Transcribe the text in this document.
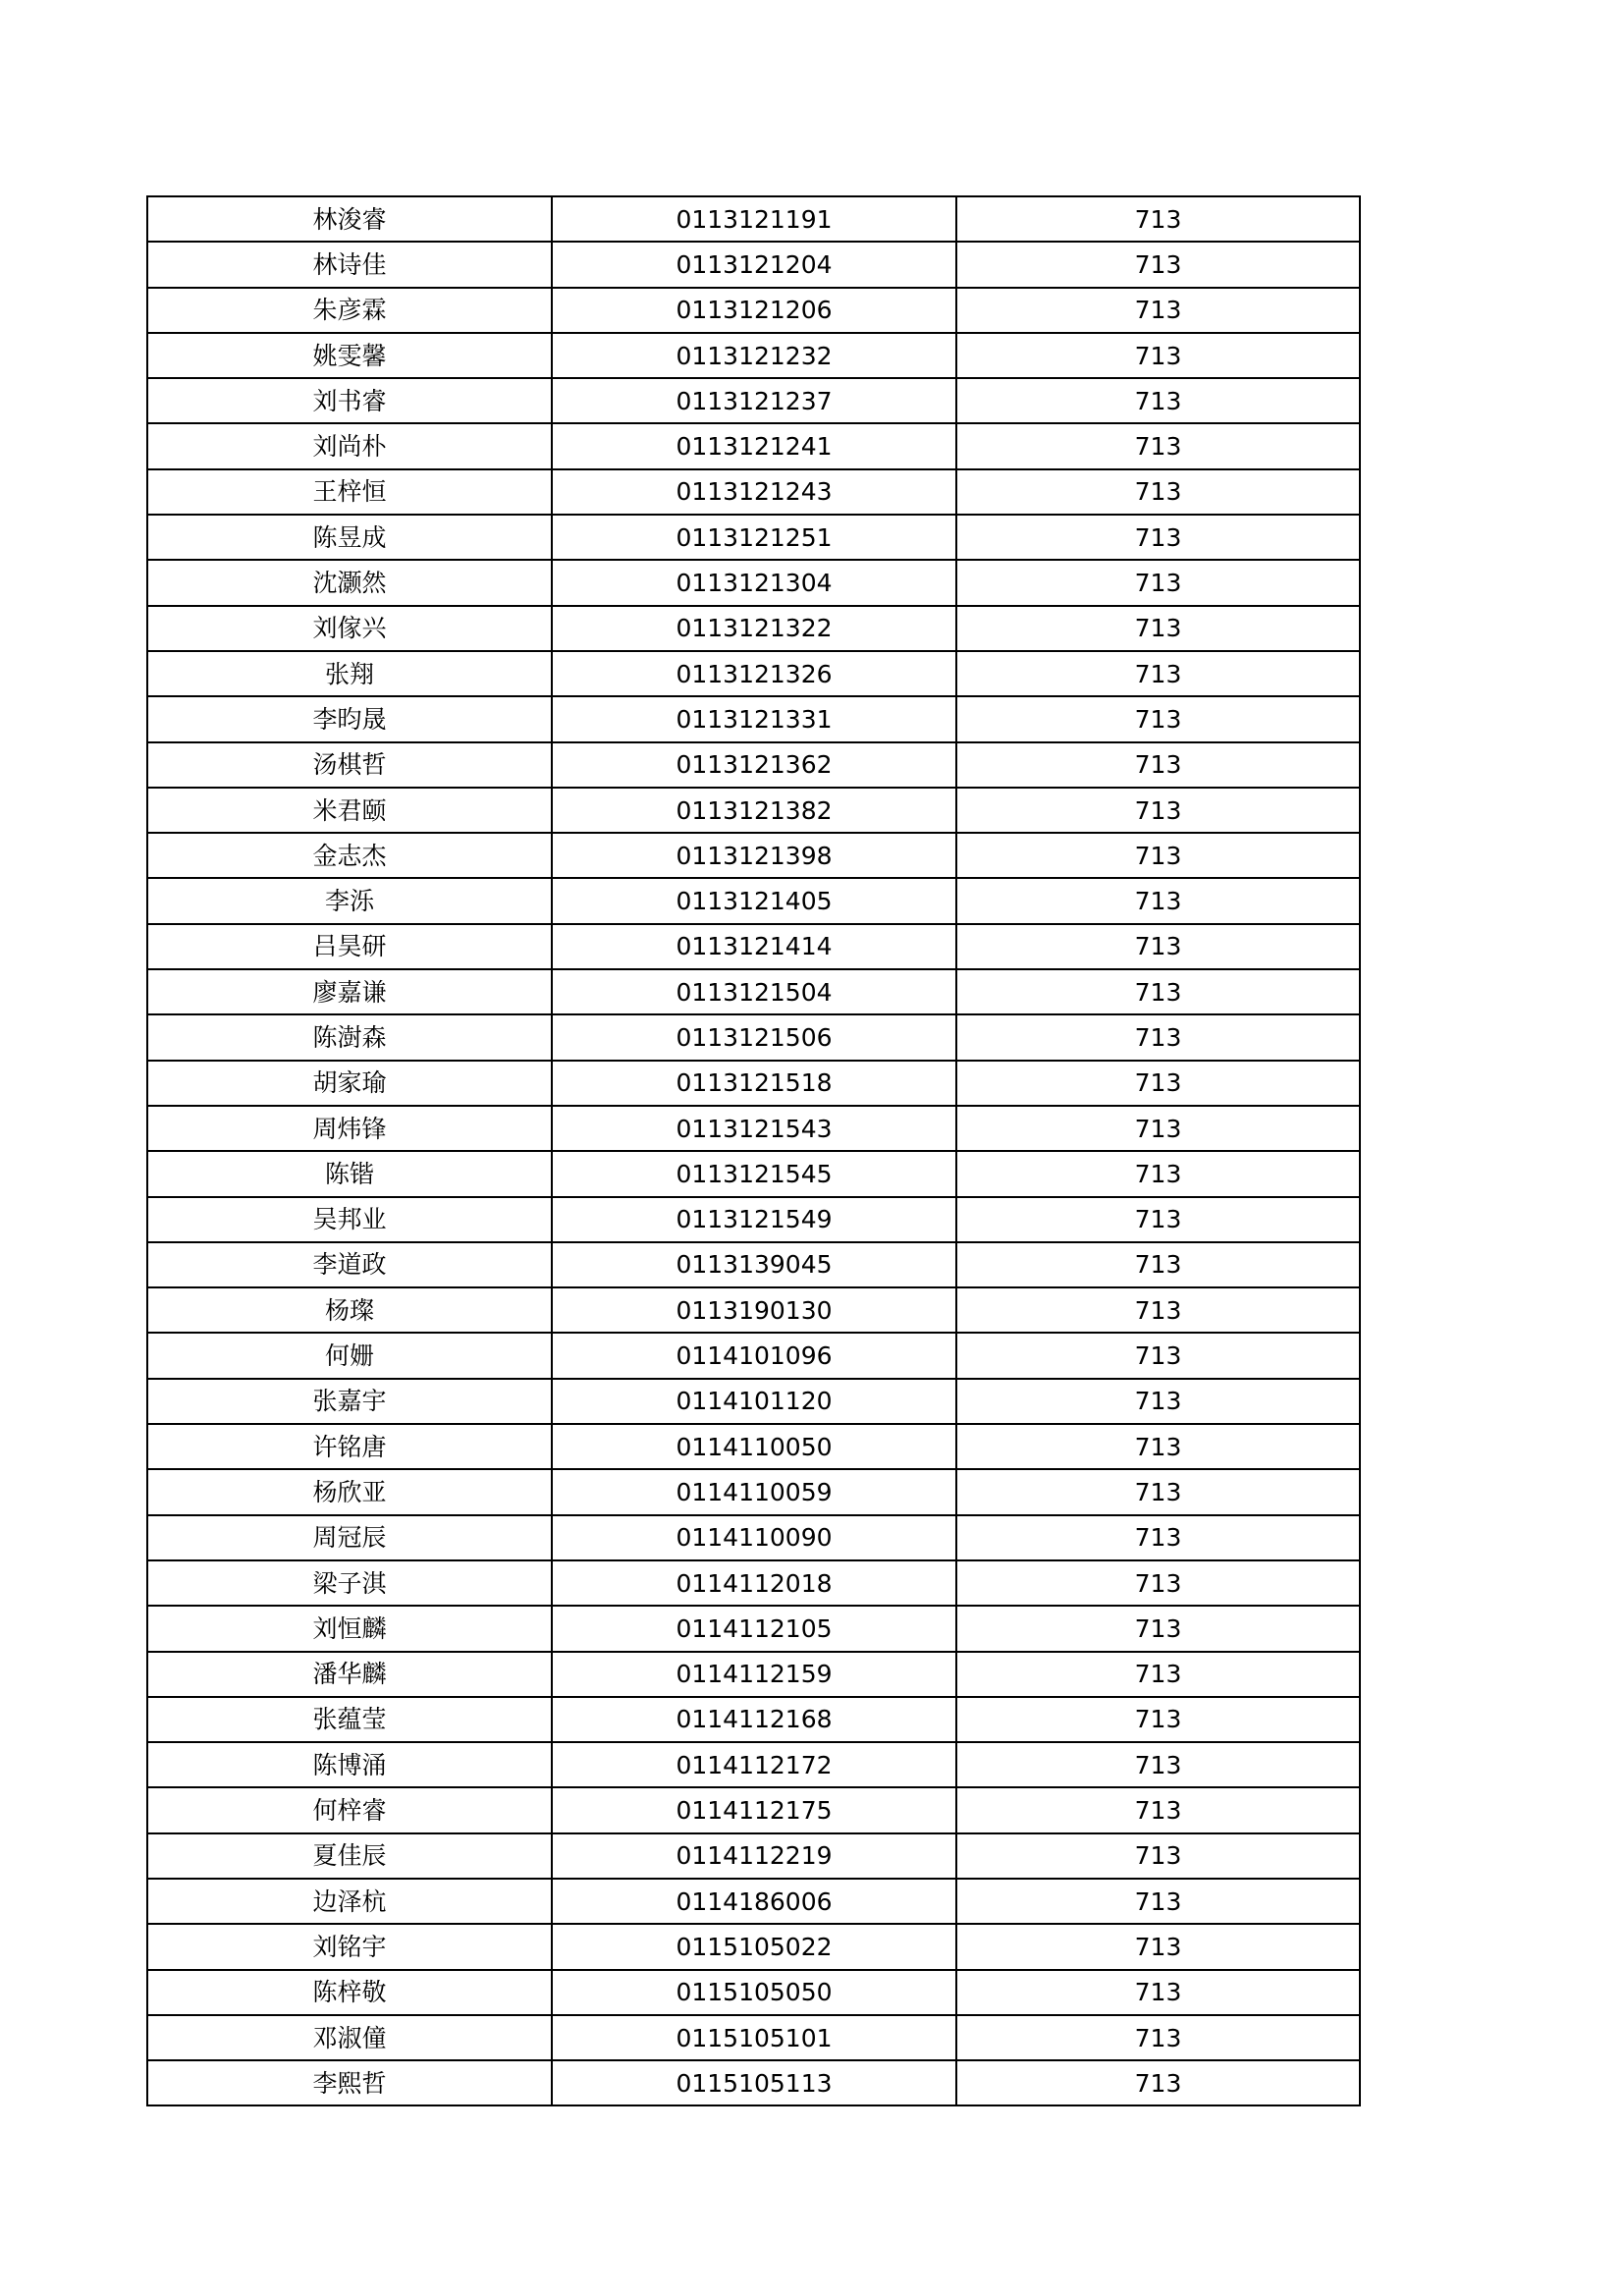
林浚睿	0113121191	713
林诗佳	0113121204	713
朱彦霖	0113121206	713
姚雯馨	0113121232	713
刘书睿	0113121237	713
刘尚朴	0113121241	713
王梓恒	0113121243	713
陈昱成	0113121251	713
沈灏然	0113121304	713
刘傢兴	0113121322	713
张翔	0113121326	713
李昀晟	0113121331	713
汤棋哲	0113121362	713
米君颐	0113121382	713
金志杰	0113121398	713
李泺	0113121405	713
吕昊研	0113121414	713
廖嘉谦	0113121504	713
陈澍森	0113121506	713
胡家瑜	0113121518	713
周炜锋	0113121543	713
陈锴	0113121545	713
吴邦业	0113121549	713
李道政	0113139045	713
杨璨	0113190130	713
何姗	0114101096	713
张嘉宇	0114101120	713
许铭唐	0114110050	713
杨欣亚	0114110059	713
周冠辰	0114110090	713
梁子淇	0114112018	713
刘恒麟	0114112105	713
潘华麟	0114112159	713
张蕴莹	0114112168	713
陈博涌	0114112172	713
何梓睿	0114112175	713
夏佳辰	0114112219	713
边泽杭	0114186006	713
刘铭宇	0115105022	713
陈梓敬	0115105050	713
邓淑僮	0115105101	713
李熙哲	0115105113	713
